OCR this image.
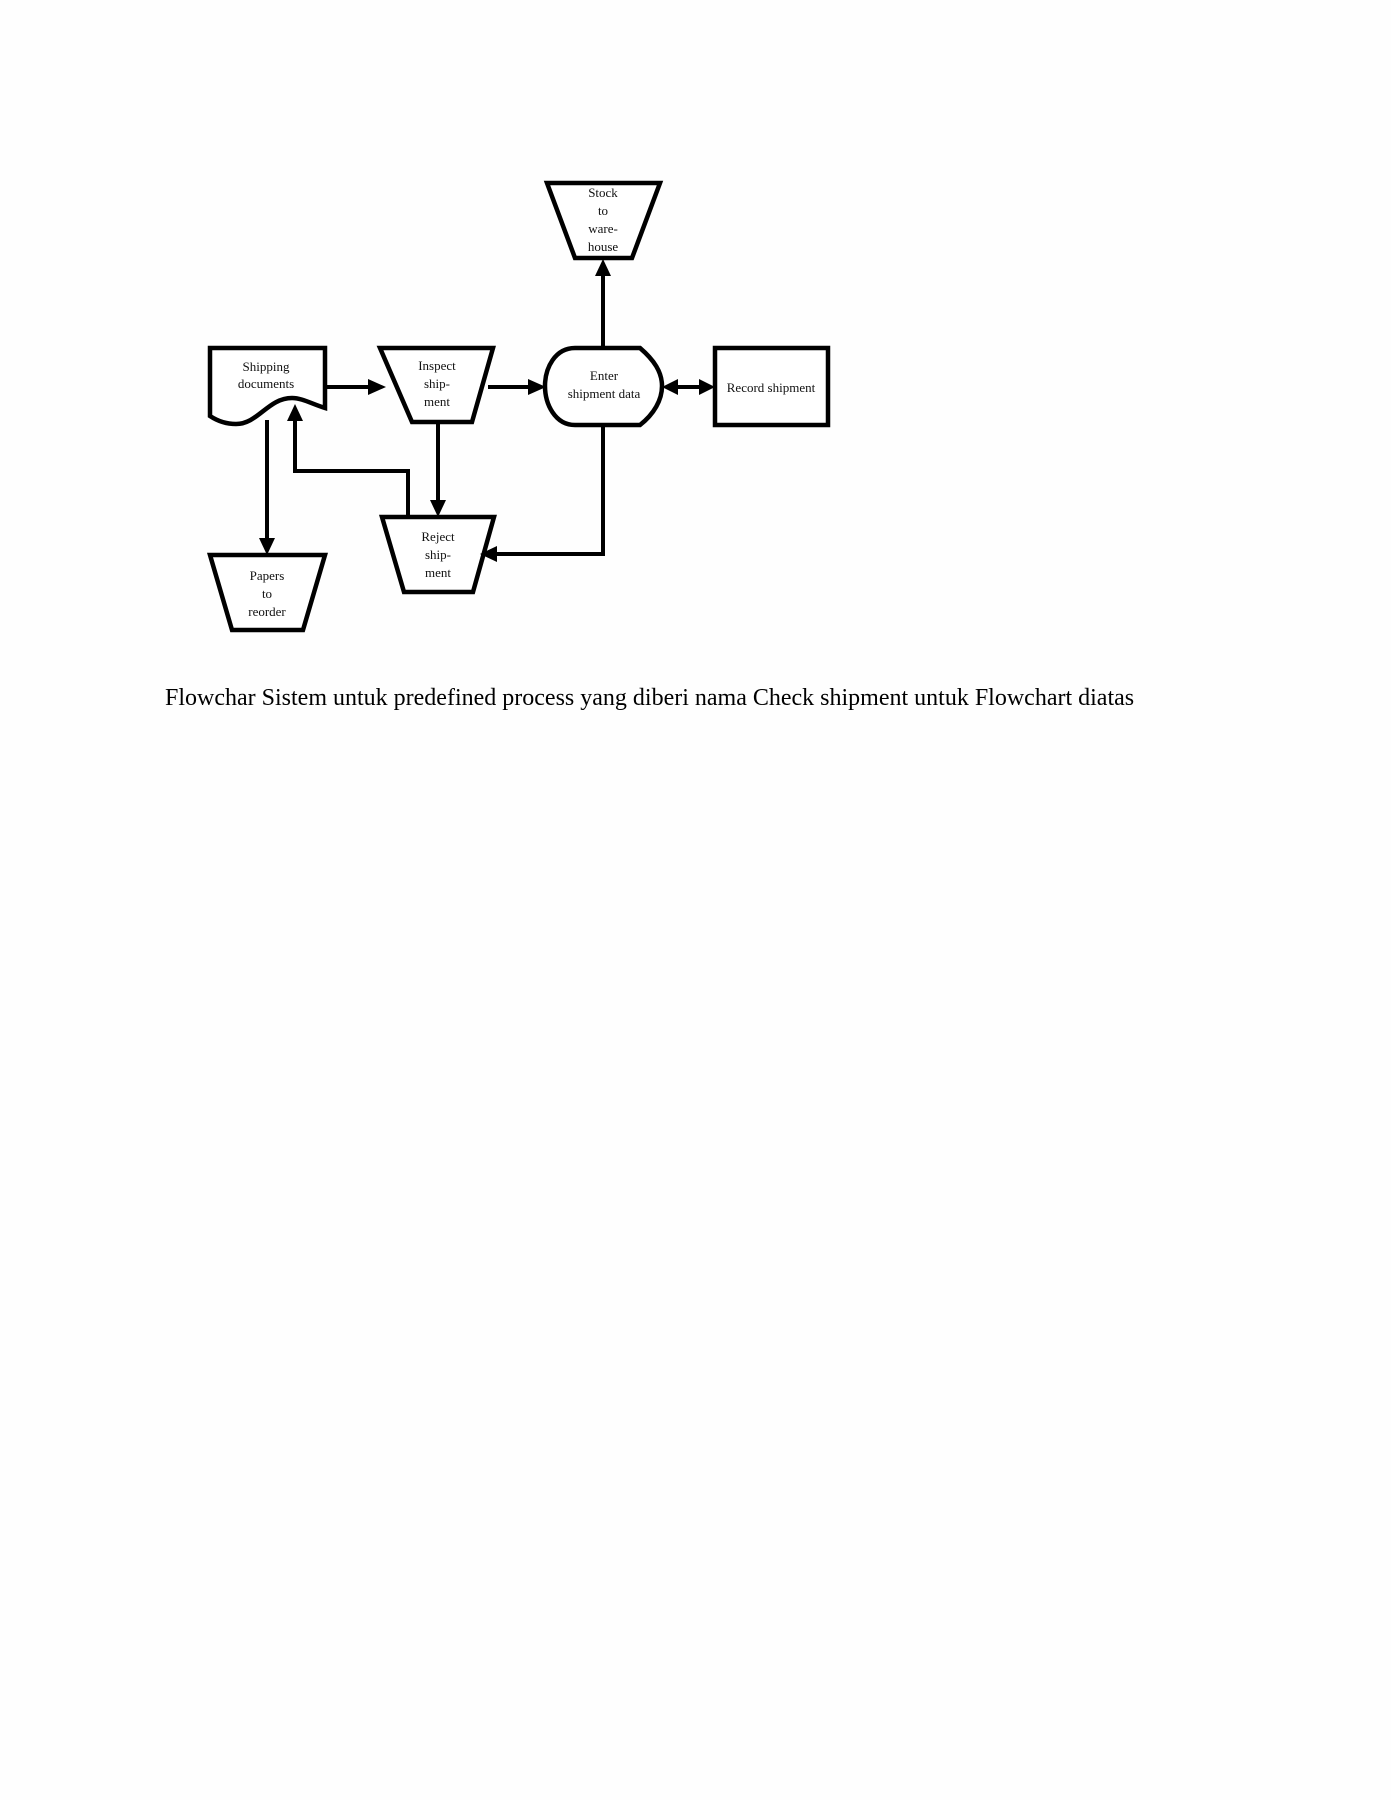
Stock
to
ware-
house
Shipping
documents
Inspect
ship-
ment
Enter
shipment data	Record shipment
Reject
ship-
ment
Papers
to
reorder
Flowchar Sistem untuk predefined process yang diberi nama Check shipment untuk Flowchart diatas
